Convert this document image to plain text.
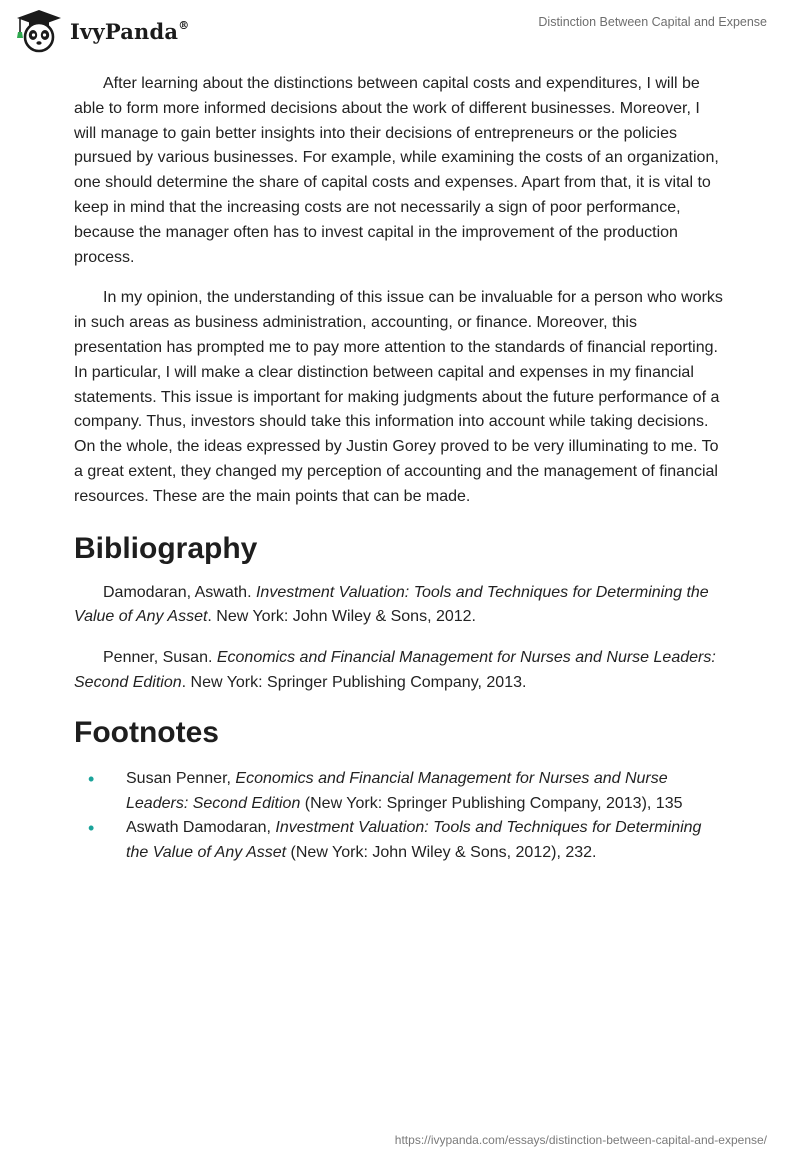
IvyPanda®	Distinction Between Capital and Expense

After learning about the distinctions between capital costs and expenditures, I will be able to form more informed decisions about the work of different businesses. Moreover, I will manage to gain better insights into their decisions of entrepreneurs or the policies pursued by various businesses. For example, while examining the costs of an organization, one should determine the share of capital costs and expenses. Apart from that, it is vital to keep in mind that the increasing costs are not necessarily a sign of poor performance, because the manager often has to invest capital in the improvement of the production process.

In my opinion, the understanding of this issue can be invaluable for a person who works in such areas as business administration, accounting, or finance. Moreover, this presentation has prompted me to pay more attention to the standards of financial reporting. In particular, I will make a clear distinction between capital and expenses in my financial statements. This issue is important for making judgments about the future performance of a company. Thus, investors should take this information into account while taking decisions. On the whole, the ideas expressed by Justin Gorey proved to be very illuminating to me. To a great extent, they changed my perception of accounting and the management of financial resources. These are the main points that can be made.

Bibliography

Damodaran, Aswath. Investment Valuation: Tools and Techniques for Determining the Value of Any Asset. New York: John Wiley & Sons, 2012.

Penner, Susan. Economics and Financial Management for Nurses and Nurse Leaders: Second Edition. New York: Springer Publishing Company, 2013.

Footnotes
• Susan Penner, Economics and Financial Management for Nurses and Nurse Leaders: Second Edition (New York: Springer Publishing Company, 2013), 135
• Aswath Damodaran, Investment Valuation: Tools and Techniques for Determining the Value of Any Asset (New York: John Wiley & Sons, 2012), 232.
https://ivypanda.com/essays/distinction-between-capital-and-expense/
